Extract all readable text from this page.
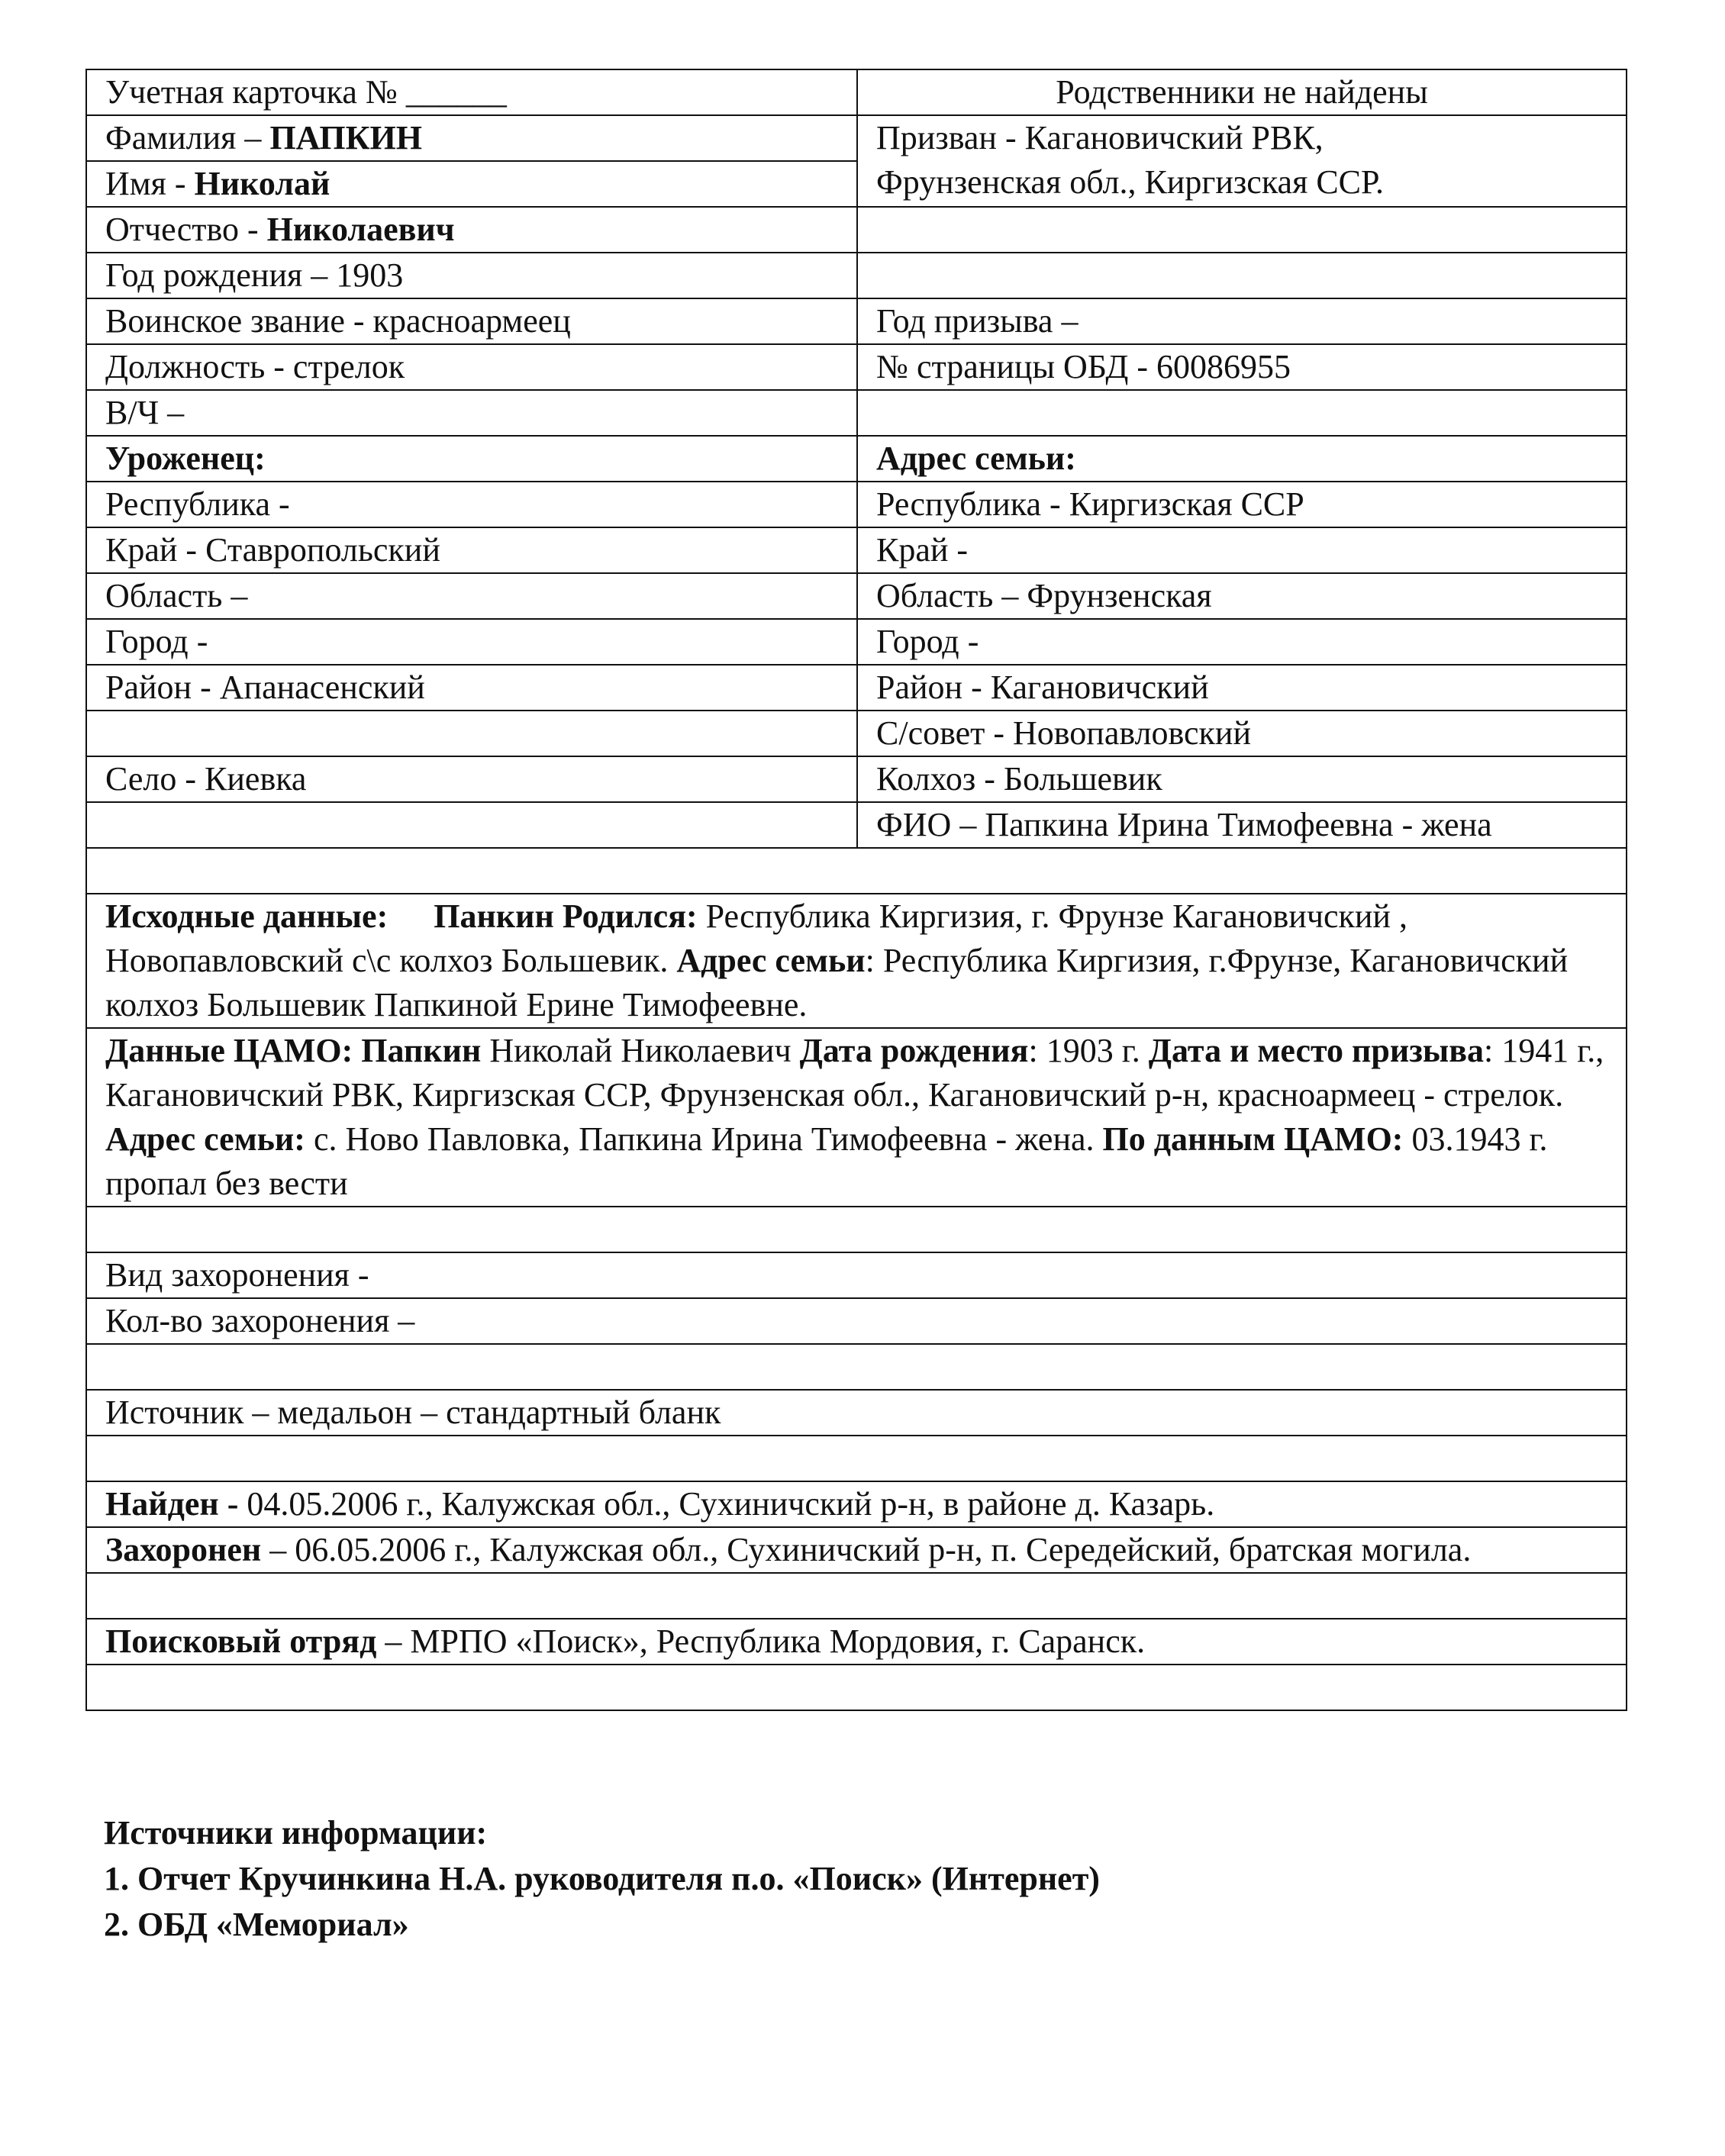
Учетная карточка № ______	Родственники не найдены
Фамилия – ПАПКИН	Призван - Кагановичский РВК,
Фрунзенская обл., Киргизская ССР.

Имя - Николай	
Отчество - Николаевич	
Год рождения – 1903	
Воинское звание - красноармеец	Год призыва –
Должность - стрелок	№ страницы ОБД - 60086955
В/Ч –	
Уроженец:	Адрес семьи:
Республика -	Республика - Киргизская ССР
Край - Ставропольский	Край -
Область –	Область – Фрунзенская
Город -	Город -
Район - Апанасенский	Район - Кагановичский
	С/совет - Новопавловский
Село - Киевка	Колхоз - Большевик
	ФИО – Папкина Ирина Тимофеевна - жена

Исходные данные: Панкин Родился: Республика Киргизия, г. Фрунзе Кагановичский , Новопавловский с\с колхоз Большевик. Адрес семьи: Республика Киргизия, г.Фрунзе, Кагановичский колхоз Большевик Папкиной Ерине Тимофеевне.	
Данные ЦАМО: Папкин Николай Николаевич Дата рождения: 1903 г. Дата и место призыва: 1941 г., Кагановичский РВК, Киргизская ССР, Фрунзенская обл., Кагановичский р-н, красноармеец - стрелок. Адрес семьи: с. Ново Павловка, Папкина Ирина Тимофеевна - жена. По данным ЦАМО: 03.1943 г. пропал без вести	

Вид захоронения -	
Кол-во захоронения –	

Источник – медальон – стандартный бланк	

Найден - 04.05.2006 г., Калужская обл., Сухиничский р-н, в районе д. Казарь.	
Захоронен – 06.05.2006 г., Калужская обл., Сухиничский р-н, п. Середейский, братская могила.	

Поисковый отряд – МРПО «Поиск», Республика Мордовия, г. Саранск.	

Источники информации:
1. Отчет Кручинкина Н.А. руководителя п.о. «Поиск» (Интернет)
2. ОБД «Мемориал»
